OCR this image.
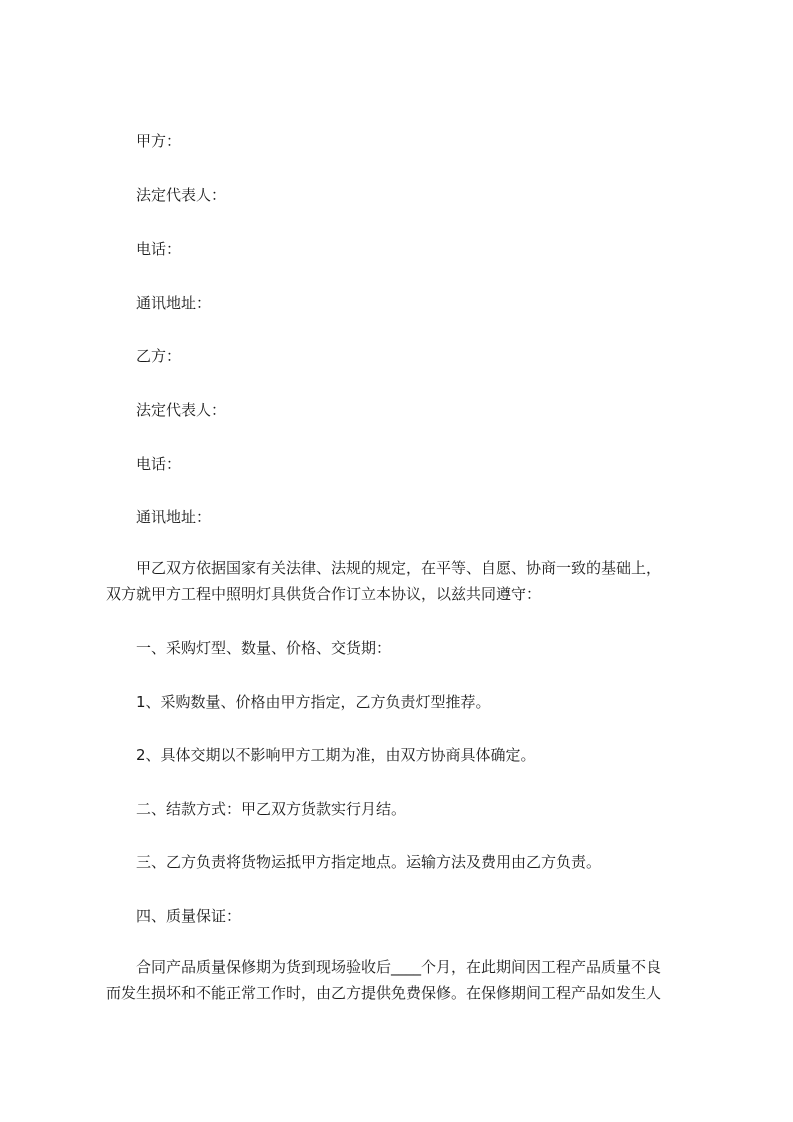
甲方：
法定代表人：
电话：
通讯地址：
乙方：
法定代表人：
电话：
通讯地址：
甲乙双方依据国家有关法律、法规的规定，在平等、自愿、协商一致的基础上，
双方就甲方工程中照明灯具供货合作订立本协议，以兹共同遵守：
一、采购灯型、数量、价格、交货期：
1、采购数量、价格由甲方指定，乙方负责灯型推荐。
2、具体交期以不影响甲方工期为准，由双方协商具体确定。
二、结款方式：甲乙双方货款实行月结。
三、乙方负责将货物运抵甲方指定地点。运输方法及费用由乙方负责。
四、质量保证：
合同产品质量保修期为货到现场验收后____个月，在此期间因工程产品质量不良
而发生损坏和不能正常工作时，由乙方提供免费保修。在保修期间工程产品如发生人
